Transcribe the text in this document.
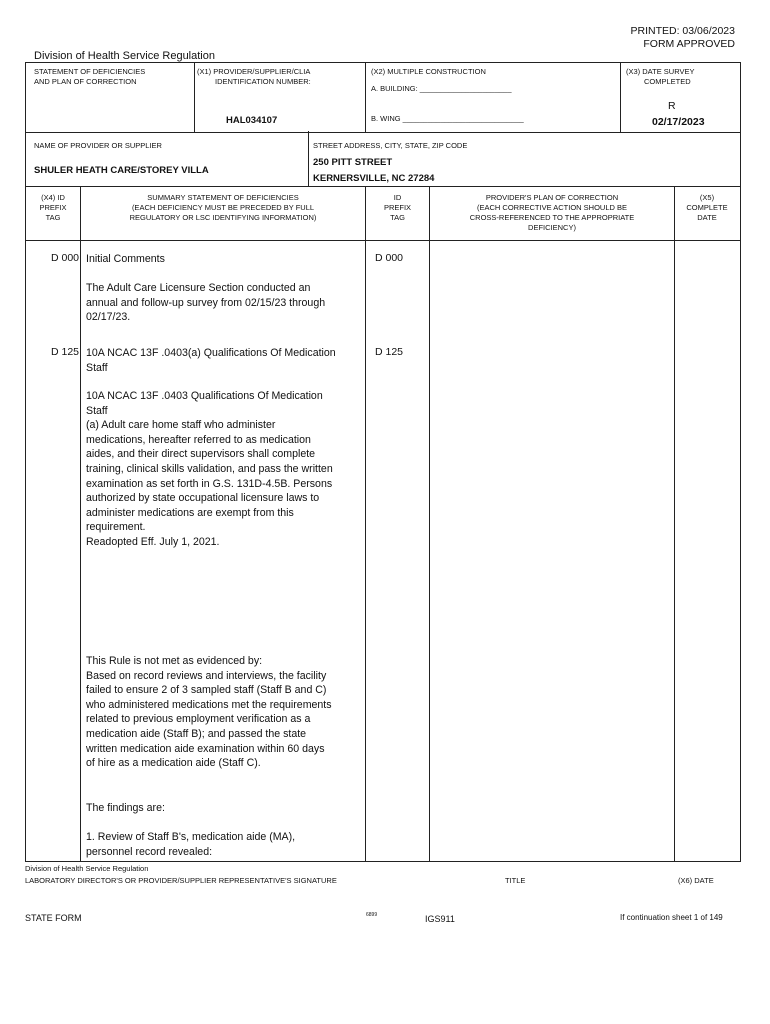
PRINTED: 03/06/2023
FORM APPROVED
Division of Health Service Regulation
STATEMENT OF DEFICIENCIES
AND PLAN OF CORRECTION
(X1) PROVIDER/SUPPLIER/CLIA
IDENTIFICATION NUMBER:
HAL034107
(X2) MULTIPLE CONSTRUCTION
A. BUILDING: ______________________
B. WING _____________________________
(X3) DATE SURVEY
COMPLETED
R
02/17/2023
NAME OF PROVIDER OR SUPPLIER
SHULER HEATH CARE/STOREY VILLA
STREET ADDRESS, CITY, STATE, ZIP CODE
250 PITT STREET
KERNERSVILLE, NC 27284
(X4) ID
PREFIX
TAG
SUMMARY STATEMENT OF DEFICIENCIES
(EACH DEFICIENCY MUST BE PRECEDED BY FULL
REGULATORY OR LSC IDENTIFYING INFORMATION)
ID
PREFIX
TAG
PROVIDER'S PLAN OF CORRECTION
(EACH CORRECTIVE ACTION SHOULD BE
CROSS-REFERENCED TO THE APPROPRIATE
DEFICIENCY)
(X5)
COMPLETE
DATE
D 000	D 000
Initial Comments
The Adult Care Licensure Section conducted an annual and follow-up survey from 02/15/23 through 02/17/23.
D 125	D 125
10A NCAC 13F .0403(a) Qualifications Of Medication Staff
10A NCAC 13F .0403 Qualifications Of Medication Staff
(a) Adult care home staff who administer medications, hereafter referred to as medication aides, and their direct supervisors shall complete training, clinical skills validation, and pass the written examination as set forth in G.S. 131D-4.5B. Persons authorized by state occupational licensure laws to administer medications are exempt from this requirement.
Readopted Eff. July 1, 2021.
This Rule is not met as evidenced by:
Based on record reviews and interviews, the facility failed to ensure 2 of 3 sampled staff (Staff B and C) who administered medications met the requirements related to previous employment verification as a medication aide (Staff B); and passed the state written medication aide examination within 60 days of hire as a medication aide (Staff C).
The findings are:
1. Review of Staff B's, medication aide (MA), personnel record revealed:
Division of Health Service Regulation
LABORATORY DIRECTOR'S OR PROVIDER/SUPPLIER REPRESENTATIVE'S SIGNATURE	TITLE	(X6) DATE
STATE FORM	6899	IGS911	If continuation sheet 1 of 149
